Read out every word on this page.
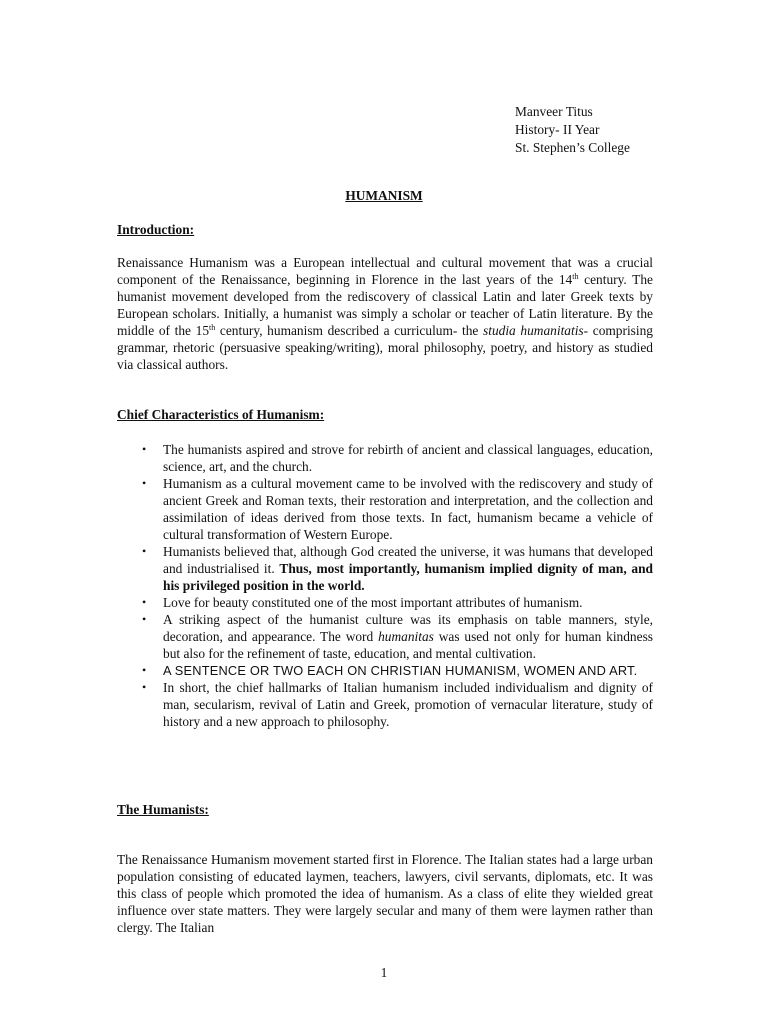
Manveer Titus
History- II Year
St. Stephen’s College
HUMANISM
Introduction:
Renaissance Humanism was a European intellectual and cultural movement that was a crucial component of the Renaissance, beginning in Florence in the last years of the 14th century. The humanist movement developed from the rediscovery of classical Latin and later Greek texts by European scholars. Initially, a humanist was simply a scholar or teacher of Latin literature. By the middle of the 15th century, humanism described a curriculum- the studia humanitatis- comprising grammar, rhetoric (persuasive speaking/writing), moral philosophy, poetry, and history as studied via classical authors.
Chief Characteristics of Humanism:
• The humanists aspired and strove for rebirth of ancient and classical languages, education, science, art, and the church.
• Humanism as a cultural movement came to be involved with the rediscovery and study of ancient Greek and Roman texts, their restoration and interpretation, and the collection and assimilation of ideas derived from those texts. In fact, humanism became a vehicle of cultural transformation of Western Europe.
• Humanists believed that, although God created the universe, it was humans that developed and industrialised it. Thus, most importantly, humanism implied dignity of man, and his privileged position in the world.
• Love for beauty constituted one of the most important attributes of humanism.
• A striking aspect of the humanist culture was its emphasis on table manners, style, decoration, and appearance. The word humanitas was used not only for human kindness but also for the refinement of taste, education, and mental cultivation.
• A SENTENCE OR TWO EACH ON CHRISTIAN HUMANISM, WOMEN AND ART.
• In short, the chief hallmarks of Italian humanism included individualism and dignity of man, secularism, revival of Latin and Greek, promotion of vernacular literature, study of history and a new approach to philosophy.
The Humanists:
The Renaissance Humanism movement started first in Florence. The Italian states had a large urban population consisting of educated laymen, teachers, lawyers, civil servants, diplomats, etc. It was this class of people which promoted the idea of humanism. As a class of elite they wielded great influence over state matters. They were largely secular and many of them were laymen rather than clergy. The Italian
1
